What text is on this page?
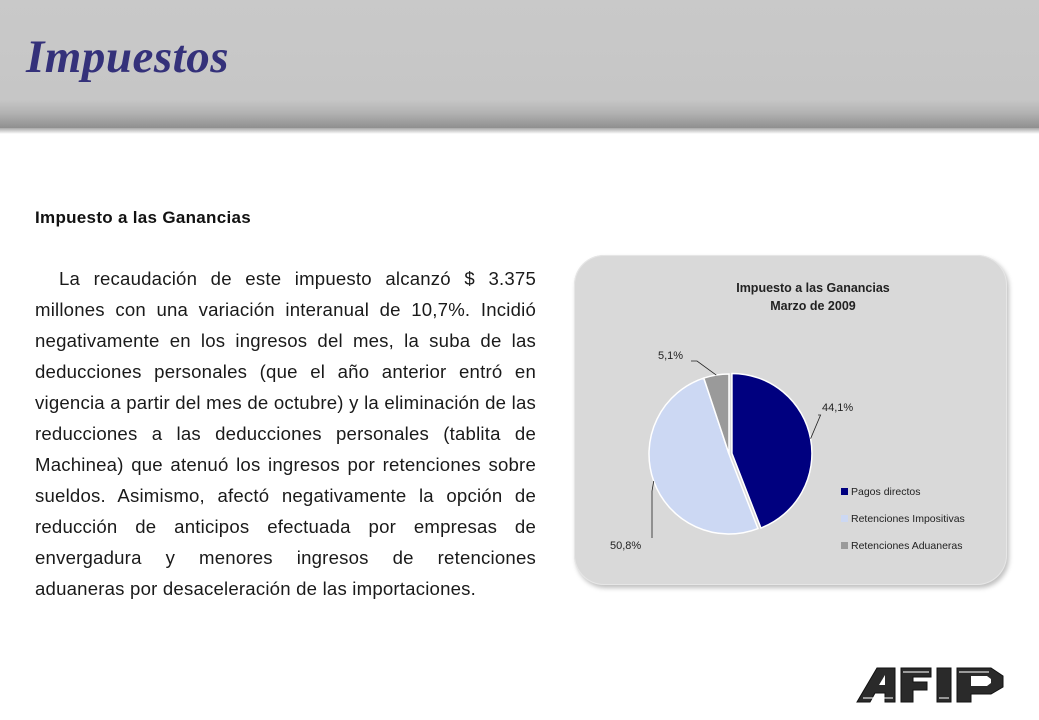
Impuestos
Impuesto a las Ganancias

La recaudación de este impuesto alcanzó $ 3.375 millones con una variación interanual de 10,7%. Incidió negativamente en los ingresos del mes, la suba de las deducciones personales (que el año anterior entró en vigencia a partir del mes de octubre) y la eliminación de las reducciones a las deducciones personales (tablita de Machinea) que atenuó los ingresos por retenciones sobre sueldos. Asimismo, afectó negativamente la opción de reducción de anticipos efectuada por empresas de envergadura y menores ingresos de retenciones aduaneras por desaceleración de las importaciones.

Impuesto a las Ganancias
Marzo de 2009
44,1%
50,8%
5,1%
Pagos directos
Retenciones Impositivas
Retenciones Aduaneras
